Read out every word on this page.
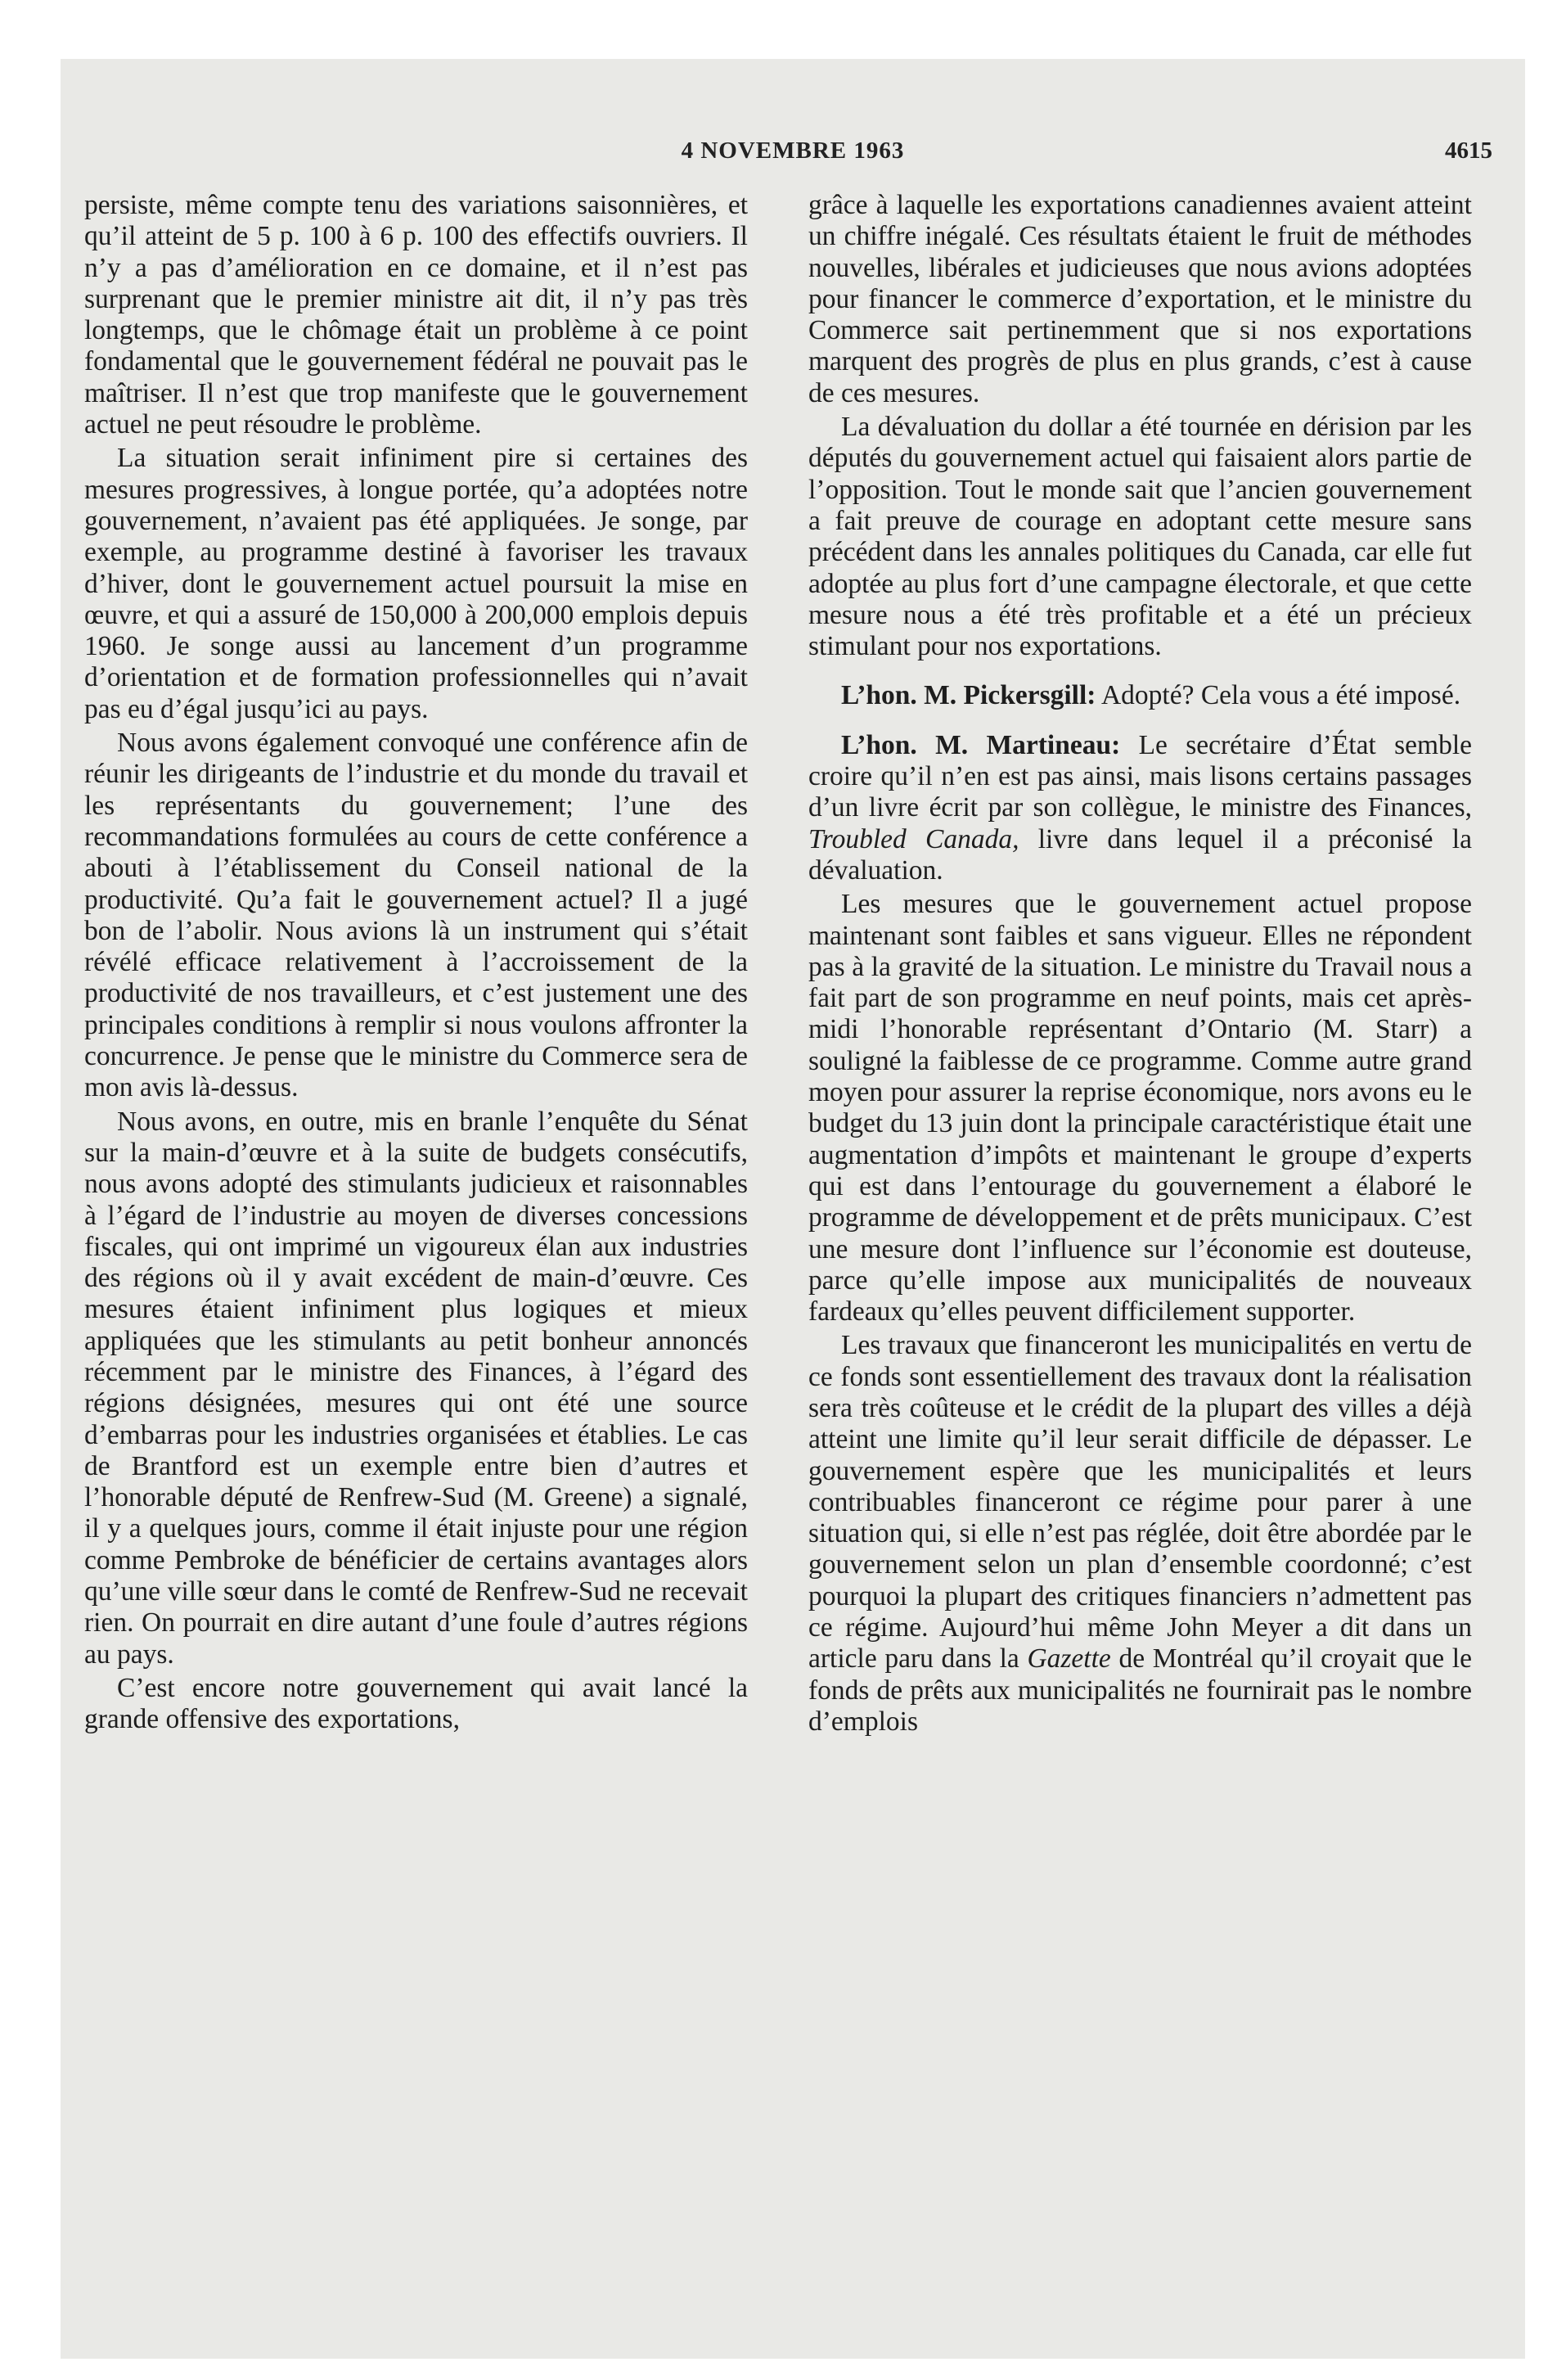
4 NOVEMBRE 1963	4615

persiste, même compte tenu des variations saisonnières, et qu’il atteint de 5 p. 100 à 6 p. 100 des effectifs ouvriers. Il n’y a pas d’amélioration en ce domaine, et il n’est pas surprenant que le premier ministre ait dit, il n’y pas très longtemps, que le chômage était un problème à ce point fondamental que le gouvernement fédéral ne pouvait pas le maîtriser. Il n’est que trop manifeste que le gouvernement actuel ne peut résoudre le problème.

La situation serait infiniment pire si certaines des mesures progressives, à longue portée, qu’a adoptées notre gouvernement, n’avaient pas été appliquées. Je songe, par exemple, au programme destiné à favoriser les travaux d’hiver, dont le gouvernement actuel poursuit la mise en œuvre, et qui a assuré de 150,000 à 200,000 emplois depuis 1960. Je songe aussi au lancement d’un programme d’orientation et de formation professionnelles qui n’avait pas eu d’égal jusqu’ici au pays.

Nous avons également convoqué une conférence afin de réunir les dirigeants de l’industrie et du monde du travail et les représentants du gouvernement; l’une des recommandations formulées au cours de cette conférence a abouti à l’établissement du Conseil national de la productivité. Qu’a fait le gouvernement actuel? Il a jugé bon de l’abolir. Nous avions là un instrument qui s’était révélé efficace relativement à l’accroissement de la productivité de nos travailleurs, et c’est justement une des principales conditions à remplir si nous voulons affronter la concurrence. Je pense que le ministre du Commerce sera de mon avis là-dessus.

Nous avons, en outre, mis en branle l’enquête du Sénat sur la main-d’œuvre et à la suite de budgets consécutifs, nous avons adopté des stimulants judicieux et raisonnables à l’égard de l’industrie au moyen de diverses concessions fiscales, qui ont imprimé un vigoureux élan aux industries des régions où il y avait excédent de main-d’œuvre. Ces mesures étaient infiniment plus logiques et mieux appliquées que les stimulants au petit bonheur annoncés récemment par le ministre des Finances, à l’égard des régions désignées, mesures qui ont été une source d’embarras pour les industries organisées et établies. Le cas de Brantford est un exemple entre bien d’autres et l’honorable député de Renfrew-Sud (M. Greene) a signalé, il y a quelques jours, comme il était injuste pour une région comme Pembroke de bénéficier de certains avantages alors qu’une ville sœur dans le comté de Renfrew-Sud ne recevait rien. On pourrait en dire autant d’une foule d’autres régions au pays.

C’est encore notre gouvernement qui avait lancé la grande offensive des exportations,

grâce à laquelle les exportations canadiennes avaient atteint un chiffre inégalé. Ces résultats étaient le fruit de méthodes nouvelles, libérales et judicieuses que nous avions adoptées pour financer le commerce d’exportation, et le ministre du Commerce sait pertinemment que si nos exportations marquent des progrès de plus en plus grands, c’est à cause de ces mesures.

La dévaluation du dollar a été tournée en dérision par les députés du gouvernement actuel qui faisaient alors partie de l’opposition. Tout le monde sait que l’ancien gouvernement a fait preuve de courage en adoptant cette mesure sans précédent dans les annales politiques du Canada, car elle fut adoptée au plus fort d’une campagne électorale, et que cette mesure nous a été très profitable et a été un précieux stimulant pour nos exportations.

L’hon. M. Pickersgill: Adopté? Cela vous a été imposé.

L’hon. M. Martineau: Le secrétaire d’État semble croire qu’il n’en est pas ainsi, mais lisons certains passages d’un livre écrit par son collègue, le ministre des Finances, Troubled Canada, livre dans lequel il a préconisé la dévaluation.

Les mesures que le gouvernement actuel propose maintenant sont faibles et sans vigueur. Elles ne répondent pas à la gravité de la situation. Le ministre du Travail nous a fait part de son programme en neuf points, mais cet après-midi l’honorable représentant d’Ontario (M. Starr) a souligné la faiblesse de ce programme. Comme autre grand moyen pour assurer la reprise économique, nors avons eu le budget du 13 juin dont la principale caractéristique était une augmentation d’impôts et maintenant le groupe d’experts qui est dans l’entourage du gouvernement a élaboré le programme de développement et de prêts municipaux. C’est une mesure dont l’influence sur l’économie est douteuse, parce qu’elle impose aux municipalités de nouveaux fardeaux qu’elles peuvent difficilement supporter.

Les travaux que financeront les municipalités en vertu de ce fonds sont essentiellement des travaux dont la réalisation sera très coûteuse et le crédit de la plupart des villes a déjà atteint une limite qu’il leur serait difficile de dépasser. Le gouvernement espère que les municipalités et leurs contribuables financeront ce régime pour parer à une situation qui, si elle n’est pas réglée, doit être abordée par le gouvernement selon un plan d’ensemble coordonné; c’est pourquoi la plupart des critiques financiers n’admettent pas ce régime. Aujourd’hui même John Meyer a dit dans un article paru dans la Gazette de Montréal qu’il croyait que le fonds de prêts aux municipalités ne fournirait pas le nombre d’emplois
